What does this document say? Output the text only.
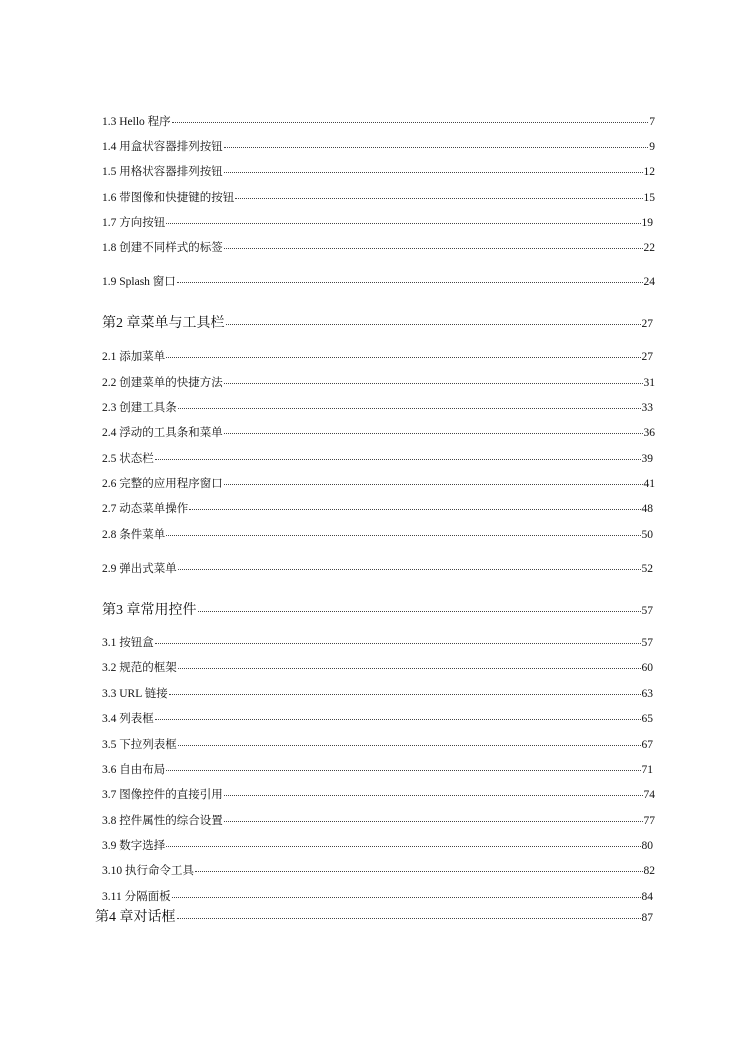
1.3 Hello 程序	7
1.4 用盒状容器排列按钮	9
1.5 用格状容器排列按钮	12
1.6 带图像和快捷键的按钮	15
1.7 方向按钮	19
1.8 创建不同样式的标签	22
1.9 Splash 窗口	24
第2 章菜单与工具栏	27
2.1 添加菜单	27
2.2 创建菜单的快捷方法	31
2.3 创建工具条	33
2.4 浮动的工具条和菜单	36
2.5 状态栏	39
2.6 完整的应用程序窗口	41
2.7 动态菜单操作	48
2.8 条件菜单	50
2.9 弹出式菜单	52
第3 章常用控件	57
3.1 按钮盒	57
3.2 规范的框架	60
3.3 URL 链接	63
3.4 列表框	65
3.5 下拉列表框	67
3.6 自由布局	71
3.7 图像控件的直接引用	74
3.8 控件属性的综合设置	77
3.9 数字选择	80
3.10 执行命令工具	82
3.11 分隔面板	84
第4 章对话框	87
